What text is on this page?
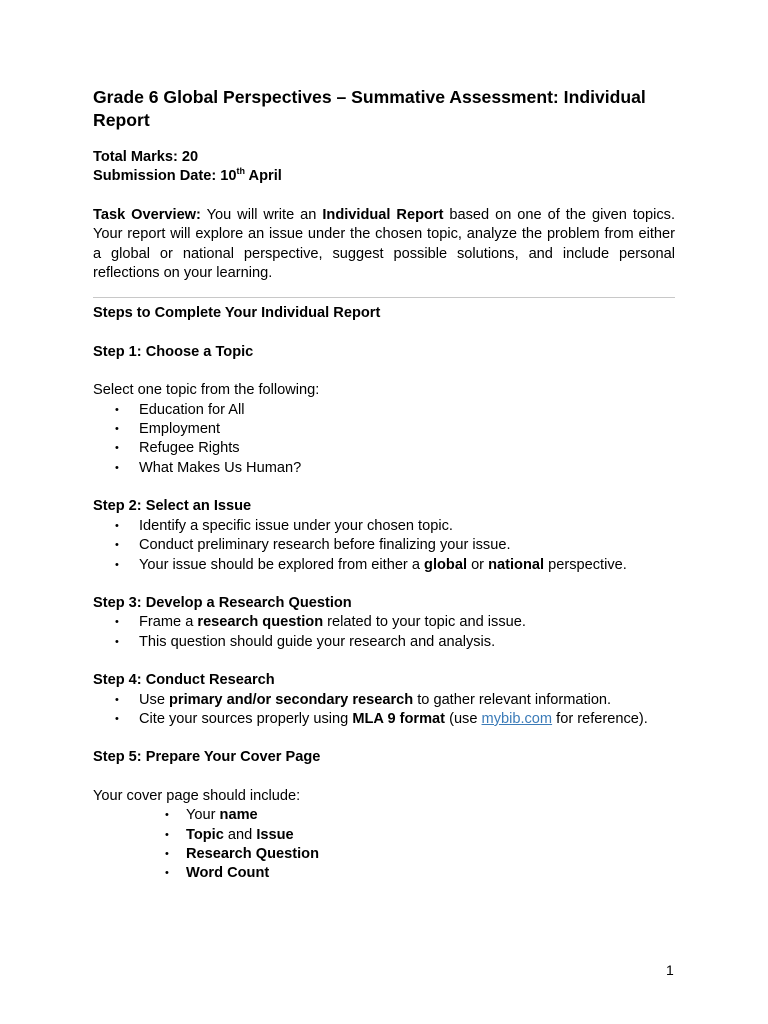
Grade 6 Global Perspectives – Summative Assessment: Individual Report

Total Marks: 20

Submission Date: 10th April

Task Overview: You will write an Individual Report based on one of the given topics. Your report will explore an issue under the chosen topic, analyze the problem from either a global or national perspective, suggest possible solutions, and include personal reflections on your learning.

Steps to Complete Your Individual Report

Step 1: Choose a Topic

Select one topic from the following:

• Education for All
• Employment
• Refugee Rights
• What Makes Us Human?

Step 2: Select an Issue

• Identify a specific issue under your chosen topic.
• Conduct preliminary research before finalizing your issue.
• Your issue should be explored from either a global or national perspective.

Step 3: Develop a Research Question

• Frame a research question related to your topic and issue.
• This question should guide your research and analysis.

Step 4: Conduct Research

• Use primary and/or secondary research to gather relevant information.
• Cite your sources properly using MLA 9 format (use mybib.com for reference).

Step 5: Prepare Your Cover Page

Your cover page should include:

• Your name
• Topic and Issue
• Research Question
• Word Count
1
